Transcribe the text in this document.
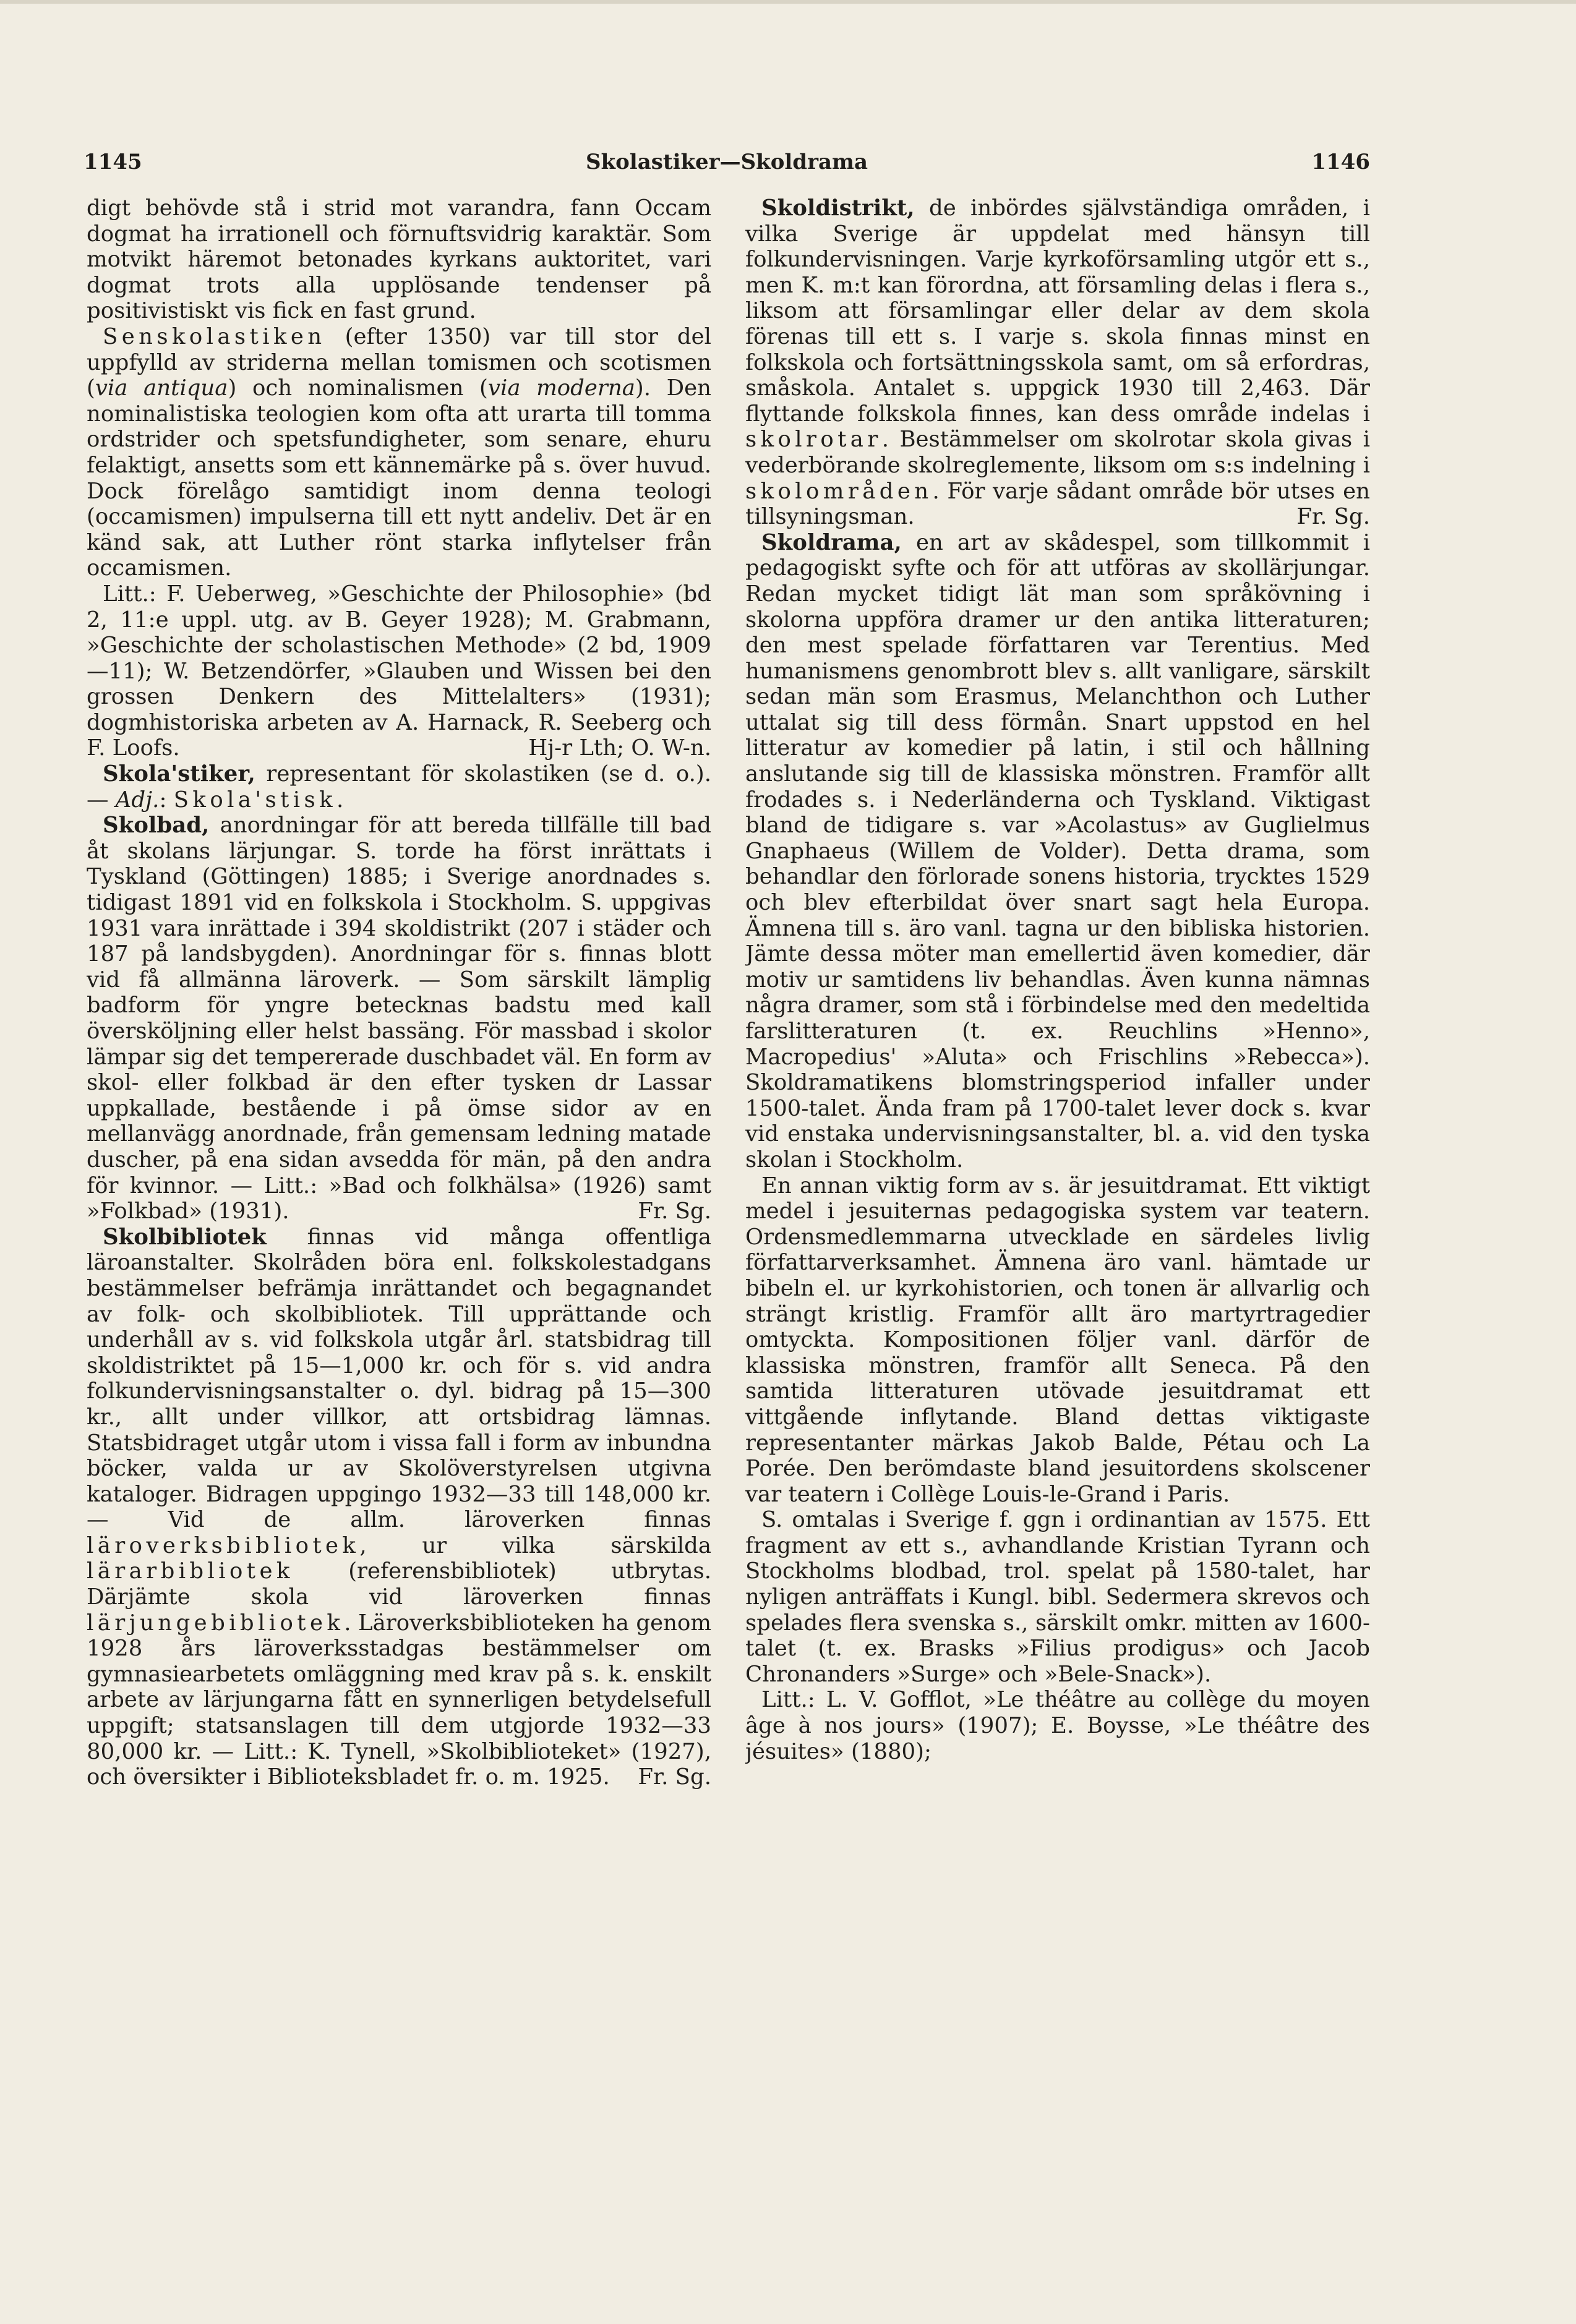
1145	Skolastiker—Skoldrama	1146

digt behövde stå i strid mot varandra, fann Occam dogmat ha irrationell och förnuftsvidrig karaktär. Som motvikt häremot betonades kyrkans auktoritet, vari dogmat trots alla upplösande tendenser på positivistiskt vis fick en fast grund.

Senskolastiken (efter 1350) var till stor del uppfylld av striderna mellan tomismen och scotismen (via antiqua) och nominalismen (via moderna). Den nominalistiska teologien kom ofta att urarta till tomma ordstrider och spetsfundigheter, som senare, ehuru felaktigt, ansetts som ett kännemärke på s. över huvud. Dock förelågo samtidigt inom denna teologi (occamismen) impulserna till ett nytt andeliv. Det är en känd sak, att Luther rönt starka inflytelser från occamismen.

Litt.: F. Ueberweg, »Geschichte der Philosophie» (bd 2, 11:e uppl. utg. av B. Geyer 1928); M. Grabmann, »Geschichte der scholastischen Methode» (2 bd, 1909—11); W. Betzendörfer, »Glauben und Wissen bei den grossen Denkern des Mittelalters» (1931); dogmhistoriska arbeten av A. Harnack, R. Seeberg och F. Loofs.	Hj-r Lth; O. W-n.

Skola'stiker, representant för skolastiken (se d. o.). — Adj.: Skola'stisk.

Skolbad, anordningar för att bereda tillfälle till bad åt skolans lärjungar. S. torde ha först inrättats i Tyskland (Göttingen) 1885; i Sverige anordnades s. tidigast 1891 vid en folkskola i Stockholm. S. uppgivas 1931 vara inrättade i 394 skoldistrikt (207 i städer och 187 på landsbygden). Anordningar för s. finnas blott vid få allmänna läroverk. — Som särskilt lämplig badform för yngre betecknas badstu med kall översköljning eller helst bassäng. För massbad i skolor lämpar sig det tempererade duschbadet väl. En form av skol- eller folkbad är den efter tysken dr Lassar uppkallade, bestående i på ömse sidor av en mellanvägg anordnade, från gemensam ledning matade duscher, på ena sidan avsedda för män, på den andra för kvinnor. — Litt.: »Bad och folkhälsa» (1926) samt »Folkbad» (1931).	Fr. Sg.

Skolbibliotek finnas vid många offentliga läroanstalter. Skolråden böra enl. folkskolestadgans bestämmelser befrämja inrättandet och begagnandet av folk- och skolbibliotek. Till upprättande och underhåll av s. vid folkskola utgår årl. statsbidrag till skoldistriktet på 15—1,000 kr. och för s. vid andra folkundervisningsanstalter o. dyl. bidrag på 15—300 kr., allt under villkor, att ortsbidrag lämnas. Statsbidraget utgår utom i vissa fall i form av inbundna böcker, valda ur av Skolöverstyrelsen utgivna kataloger. Bidragen uppgingo 1932—33 till 148,000 kr. — Vid de allm. läroverken finnas läroverksbibliotek, ur vilka särskilda lärarbibliotek (referensbibliotek) utbrytas. Därjämte skola vid läroverken finnas lärjungebibliotek. Läroverksbiblioteken ha genom 1928 års läroverksstadgas bestämmelser om gymnasiearbetets omläggning med krav på s. k. enskilt arbete av lärjungarna fått en synnerligen betydelsefull uppgift; statsanslagen till dem utgjorde 1932—33 80,000 kr. — Litt.: K. Tynell, »Skolbiblioteket» (1927), och översikter i Biblioteksbladet fr. o. m. 1925.	Fr. Sg.

Skoldistrikt, de inbördes självständiga områden, i vilka Sverige är uppdelat med hänsyn till folkundervisningen. Varje kyrkoförsamling utgör ett s., men K. m:t kan förordna, att församling delas i flera s., liksom att församlingar eller delar av dem skola förenas till ett s. I varje s. skola finnas minst en folkskola och fortsättningsskola samt, om så erfordras, småskola. Antalet s. uppgick 1930 till 2,463. Där flyttande folkskola finnes, kan dess område indelas i skolrotar. Bestämmelser om skolrotar skola givas i vederbörande skolreglemente, liksom om s:s indelning i skolområden. För varje sådant område bör utses en tillsyningsman.	Fr. Sg.

Skoldrama, en art av skådespel, som tillkommit i pedagogiskt syfte och för att utföras av skollärjungar. Redan mycket tidigt lät man som språkövning i skolorna uppföra dramer ur den antika litteraturen; den mest spelade författaren var Terentius. Med humanismens genombrott blev s. allt vanligare, särskilt sedan män som Erasmus, Melanchthon och Luther uttalat sig till dess förmån. Snart uppstod en hel litteratur av komedier på latin, i stil och hållning anslutande sig till de klassiska mönstren. Framför allt frodades s. i Nederländerna och Tyskland. Viktigast bland de tidigare s. var »Acolastus» av Guglielmus Gnaphaeus (Willem de Volder). Detta drama, som behandlar den förlorade sonens historia, trycktes 1529 och blev efterbildat över snart sagt hela Europa. Ämnena till s. äro vanl. tagna ur den bibliska historien. Jämte dessa möter man emellertid även komedier, där motiv ur samtidens liv behandlas. Även kunna nämnas några dramer, som stå i förbindelse med den medeltida farslitteraturen (t. ex. Reuchlins »Henno», Macropedius' »Aluta» och Frischlins »Rebecca»). Skoldramatikens blomstringsperiod infaller under 1500-talet. Ända fram på 1700-talet lever dock s. kvar vid enstaka undervisningsanstalter, bl. a. vid den tyska skolan i Stockholm.

En annan viktig form av s. är jesuitdramat. Ett viktigt medel i jesuiternas pedagogiska system var teatern. Ordensmedlemmarna utvecklade en särdeles livlig författarverksamhet. Ämnena äro vanl. hämtade ur bibeln el. ur kyrkohistorien, och tonen är allvarlig och strängt kristlig. Framför allt äro martyrtragedier omtyckta. Kompositionen följer vanl. därför de klassiska mönstren, framför allt Seneca. På den samtida litteraturen utövade jesuitdramat ett vittgående inflytande. Bland dettas viktigaste representanter märkas Jakob Balde, Pétau och La Porée. Den berömdaste bland jesuitordens skolscener var teatern i Collège Louis-le-Grand i Paris.

S. omtalas i Sverige f. ggn i ordinantian av 1575. Ett fragment av ett s., avhandlande Kristian Tyrann och Stockholms blodbad, trol. spelat på 1580-talet, har nyligen anträffats i Kungl. bibl. Sedermera skrevos och spelades flera svenska s., särskilt omkr. mitten av 1600-talet (t. ex. Brasks »Filius prodigus» och Jacob Chronanders »Surge» och »Bele-Snack»).

Litt.: L. V. Gofflot, »Le théâtre au collège du moyen âge à nos jours» (1907); E. Boysse, »Le théâtre des jésuites» (1880);
